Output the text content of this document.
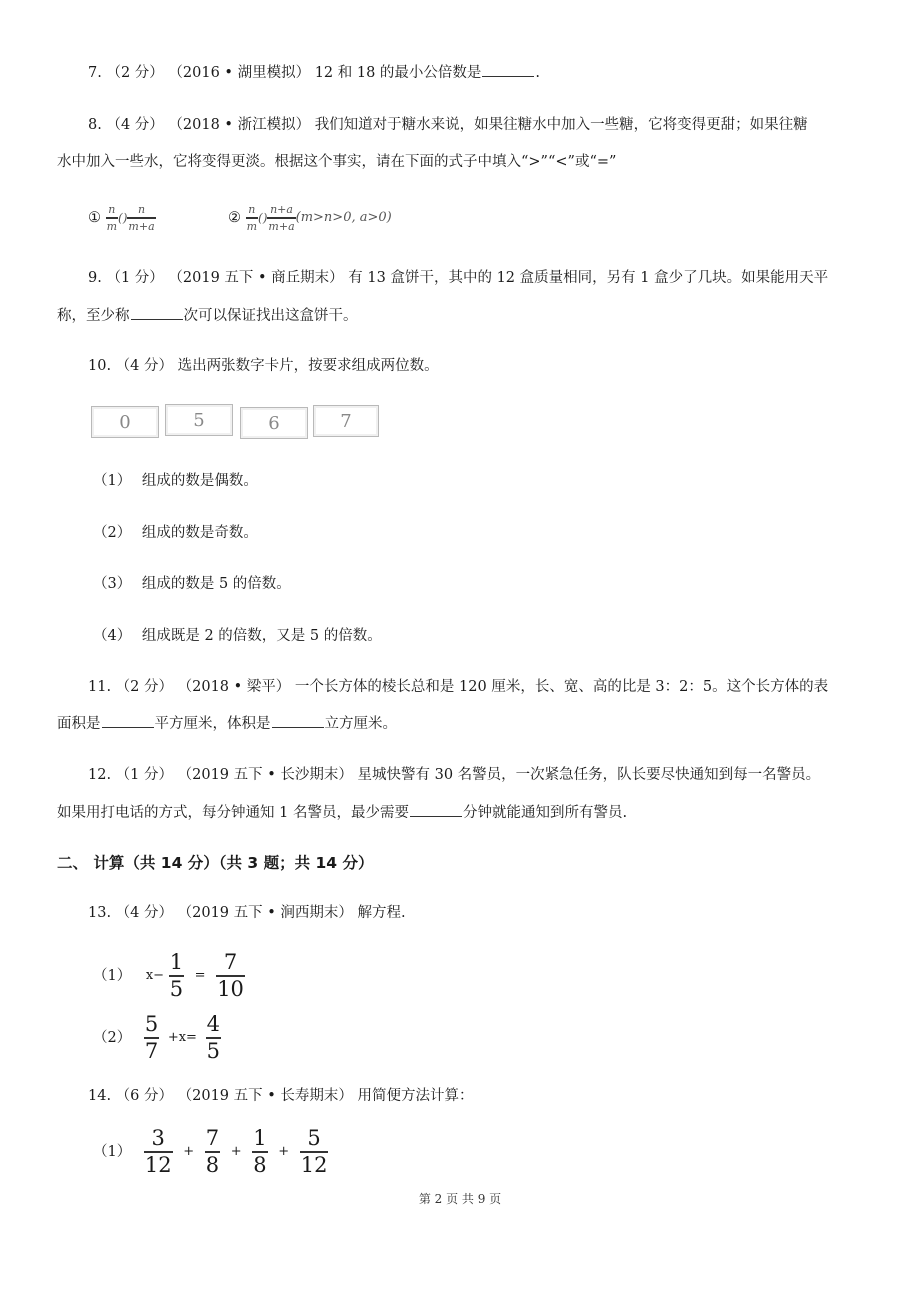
7. （2 分） （2016 • 湖里模拟） 12 和 18 的最小公倍数是	.
8. （4 分） （2018 • 浙江模拟） 我们知道对于糖水来说，如果往糖水中加入一些糖，它将变得更甜；如果往糖
水中加入一些水，它将变得更淡。根据这个事实，请在下面的式子中填入“>”“<”或“=”
① $\frac{n}{m}$ () $\frac{n}{m+a}$	② $\frac{n}{m}$ () $\frac{n+a}{m+a} (m>n>0$, a>0)
9. （1 分） （2019 五下 • 商丘期末） 有 13 盒饼干，其中的 12 盒质量相同，另有 1 盒少了几块。如果能用天平
称，至少称	次可以保证找出这盒饼干。
10. （4 分） 选出两张数字卡片，按要求组成两位数。
0	5	6	7
（1） 组成的数是偶数。
（2） 组成的数是奇数。
（3） 组成的数是 5 的倍数。
（4） 组成既是 2 的倍数，又是 5 的倍数。
11. （2 分） （2018 • 梁平） 一个长方体的棱长总和是 120 厘米，长、宽、高的比是 3：2：5。这个长方体的表
面积是	平方厘米，体积是	立方厘米。
12. （1 分） （2019 五下 • 长沙期末） 星城快警有 30 名警员，一次紧急任务，队长要尽快通知到每一名警员。
如果用打电话的方式，每分钟通知 1 名警员，最少需要	分钟就能通知到所有警员.
二、 计算（共 14 分）（共 3 题；共 14 分）
13. （4 分） （2019 五下 • 涧西期末） 解方程.
（1） $x- \frac{1}{5} = \frac{7}{10}$
$(2) \frac{5}{7} +x= \frac{4}{5}$
14. （6 分） （2019 五下 • 长寿期末） 用简便方法计算：
$(1) \frac{3}{12} + \frac{7}{8} + \frac{1}{8} + \frac{5}{12}$
第 2 页 共 9 页
